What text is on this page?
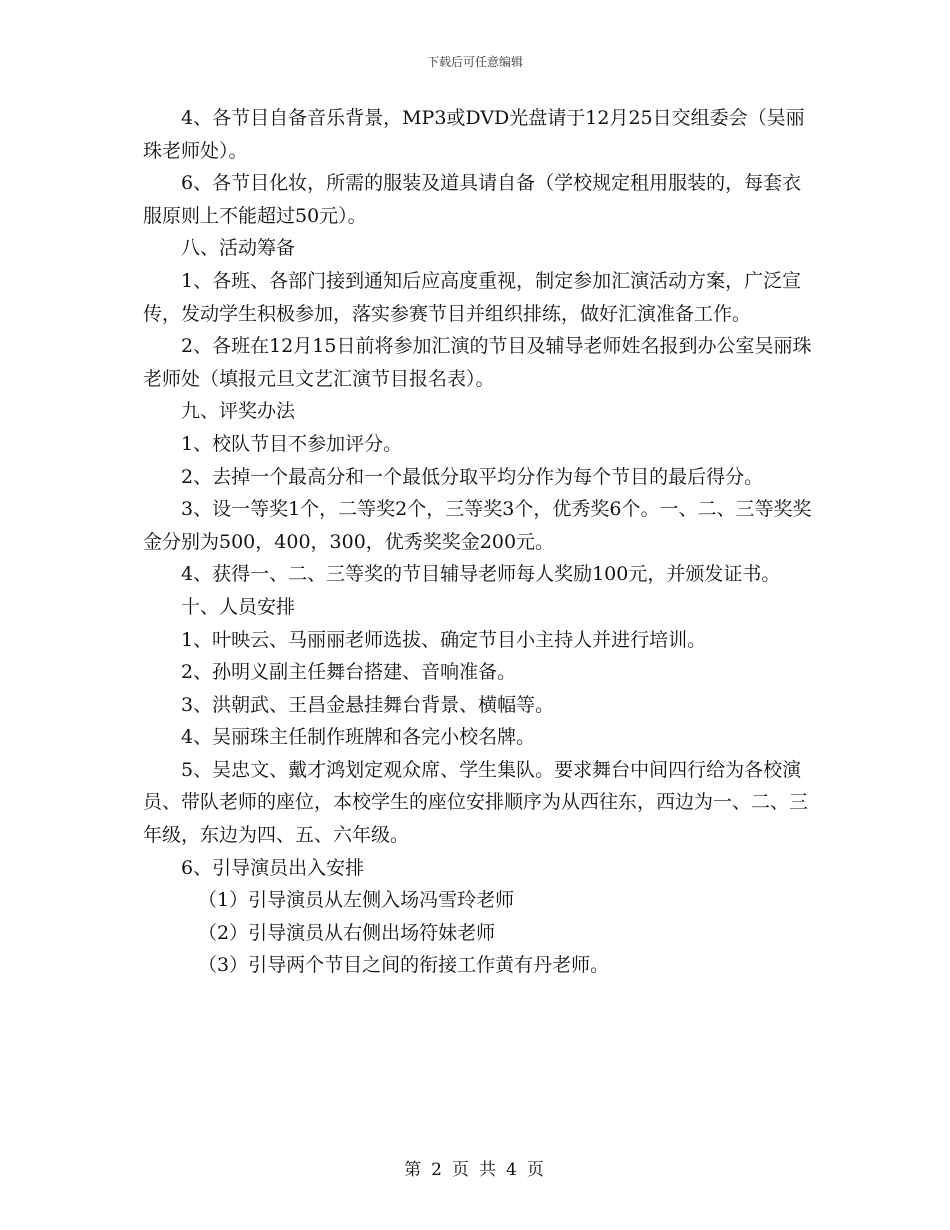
下载后可任意编辑

4、各节目自备音乐背景，MP3或DVD光盘请于12月25日交组委会（吴丽珠老师处）。

6、各节目化妆，所需的服装及道具请自备（学校规定租用服装的，每套衣服原则上不能超过50元）。

八、活动筹备

1、各班、各部门接到通知后应高度重视，制定参加汇演活动方案，广泛宣传，发动学生积极参加，落实参赛节目并组织排练，做好汇演准备工作。

2、各班在12月15日前将参加汇演的节目及辅导老师姓名报到办公室吴丽珠老师处（填报元旦文艺汇演节目报名表）。

九、评奖办法

1、校队节目不参加评分。

2、去掉一个最高分和一个最低分取平均分作为每个节目的最后得分。

3、设一等奖1个，二等奖2个，三等奖3个，优秀奖6个。一、二、三等奖奖金分别为500，400，300，优秀奖奖金200元。

4、获得一、二、三等奖的节目辅导老师每人奖励100元，并颁发证书。

十、人员安排

1、叶映云、马丽丽老师选拔、确定节目小主持人并进行培训。

2、孙明义副主任舞台搭建、音响准备。

3、洪朝武、王昌金悬挂舞台背景、横幅等。

4、吴丽珠主任制作班牌和各完小校名牌。

5、吴忠文、戴才鸿划定观众席、学生集队。要求舞台中间四行给为各校演员、带队老师的座位，本校学生的座位安排顺序为从西往东，西边为一、二、三年级，东边为四、五、六年级。

6、引导演员出入安排

（1）引导演员从左侧入场冯雪玲老师

（2）引导演员从右侧出场符妹老师

（3）引导两个节目之间的衔接工作黄有丹老师。

第 2 页 共 4 页
